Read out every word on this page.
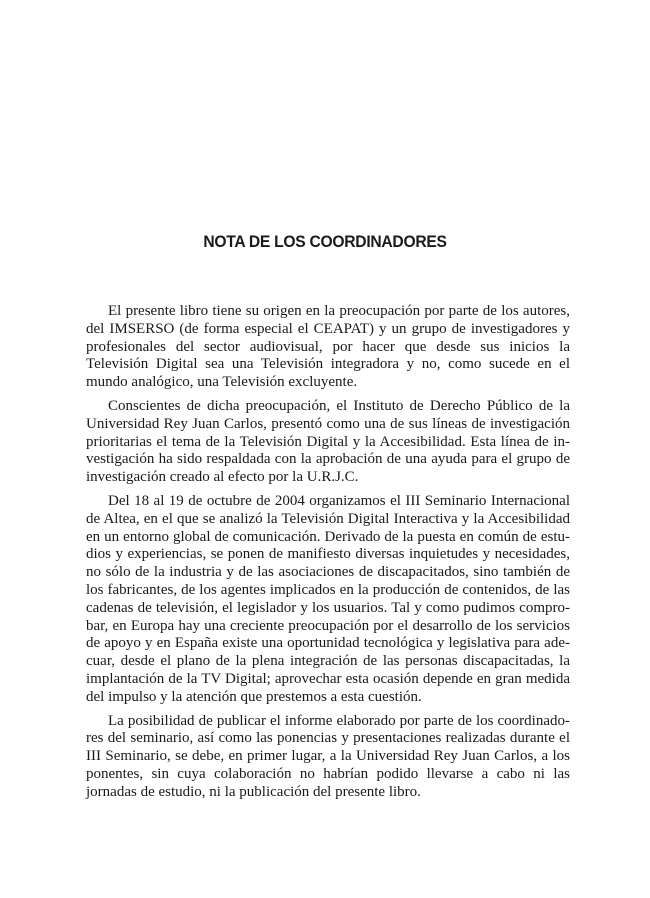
NOTA DE LOS COORDINADORES

El presente libro tiene su origen en la preocupación por parte de los autores, del IMSERSO (de forma especial el CEAPAT) y un grupo de investigadores y profesionales del sector audiovisual, por hacer que desde sus inicios la Televisión Digital sea una Televisión integradora y no, como sucede en el mundo analógico, una Televisión excluyente.

Conscientes de dicha preocupación, el Instituto de Derecho Público de la Universidad Rey Juan Carlos, presentó como una de sus líneas de investigación prioritarias el tema de la Televisión Digital y la Accesibilidad. Esta línea de investigación ha sido respaldada con la aprobación de una ayuda para el grupo de investigación creado al efecto por la U.R.J.C.

Del 18 al 19 de octubre de 2004 organizamos el III Seminario Internacional de Altea, en el que se analizó la Televisión Digital Interactiva y la Accesibilidad en un entorno global de comunicación. Derivado de la puesta en común de estudios y experiencias, se ponen de manifiesto diversas inquietudes y necesidades, no sólo de la industria y de las asociaciones de discapacitados, sino también de los fabricantes, de los agentes implicados en la producción de contenidos, de las cadenas de televisión, el legislador y los usuarios. Tal y como pudimos comprobar, en Europa hay una creciente preocupación por el desarrollo de los servicios de apoyo y en España existe una oportunidad tecnológica y legislativa para adecuar, desde el plano de la plena integración de las personas discapacitadas, la implantación de la TV Digital; aprovechar esta ocasión depende en gran medida del impulso y la atención que prestemos a esta cuestión.

La posibilidad de publicar el informe elaborado por parte de los coordinadores del seminario, así como las ponencias y presentaciones realizadas durante el III Seminario, se debe, en primer lugar, a la Universidad Rey Juan Carlos, a los ponentes, sin cuya colaboración no habrían podido llevarse a cabo ni las jornadas de estudio, ni la publicación del presente libro.
